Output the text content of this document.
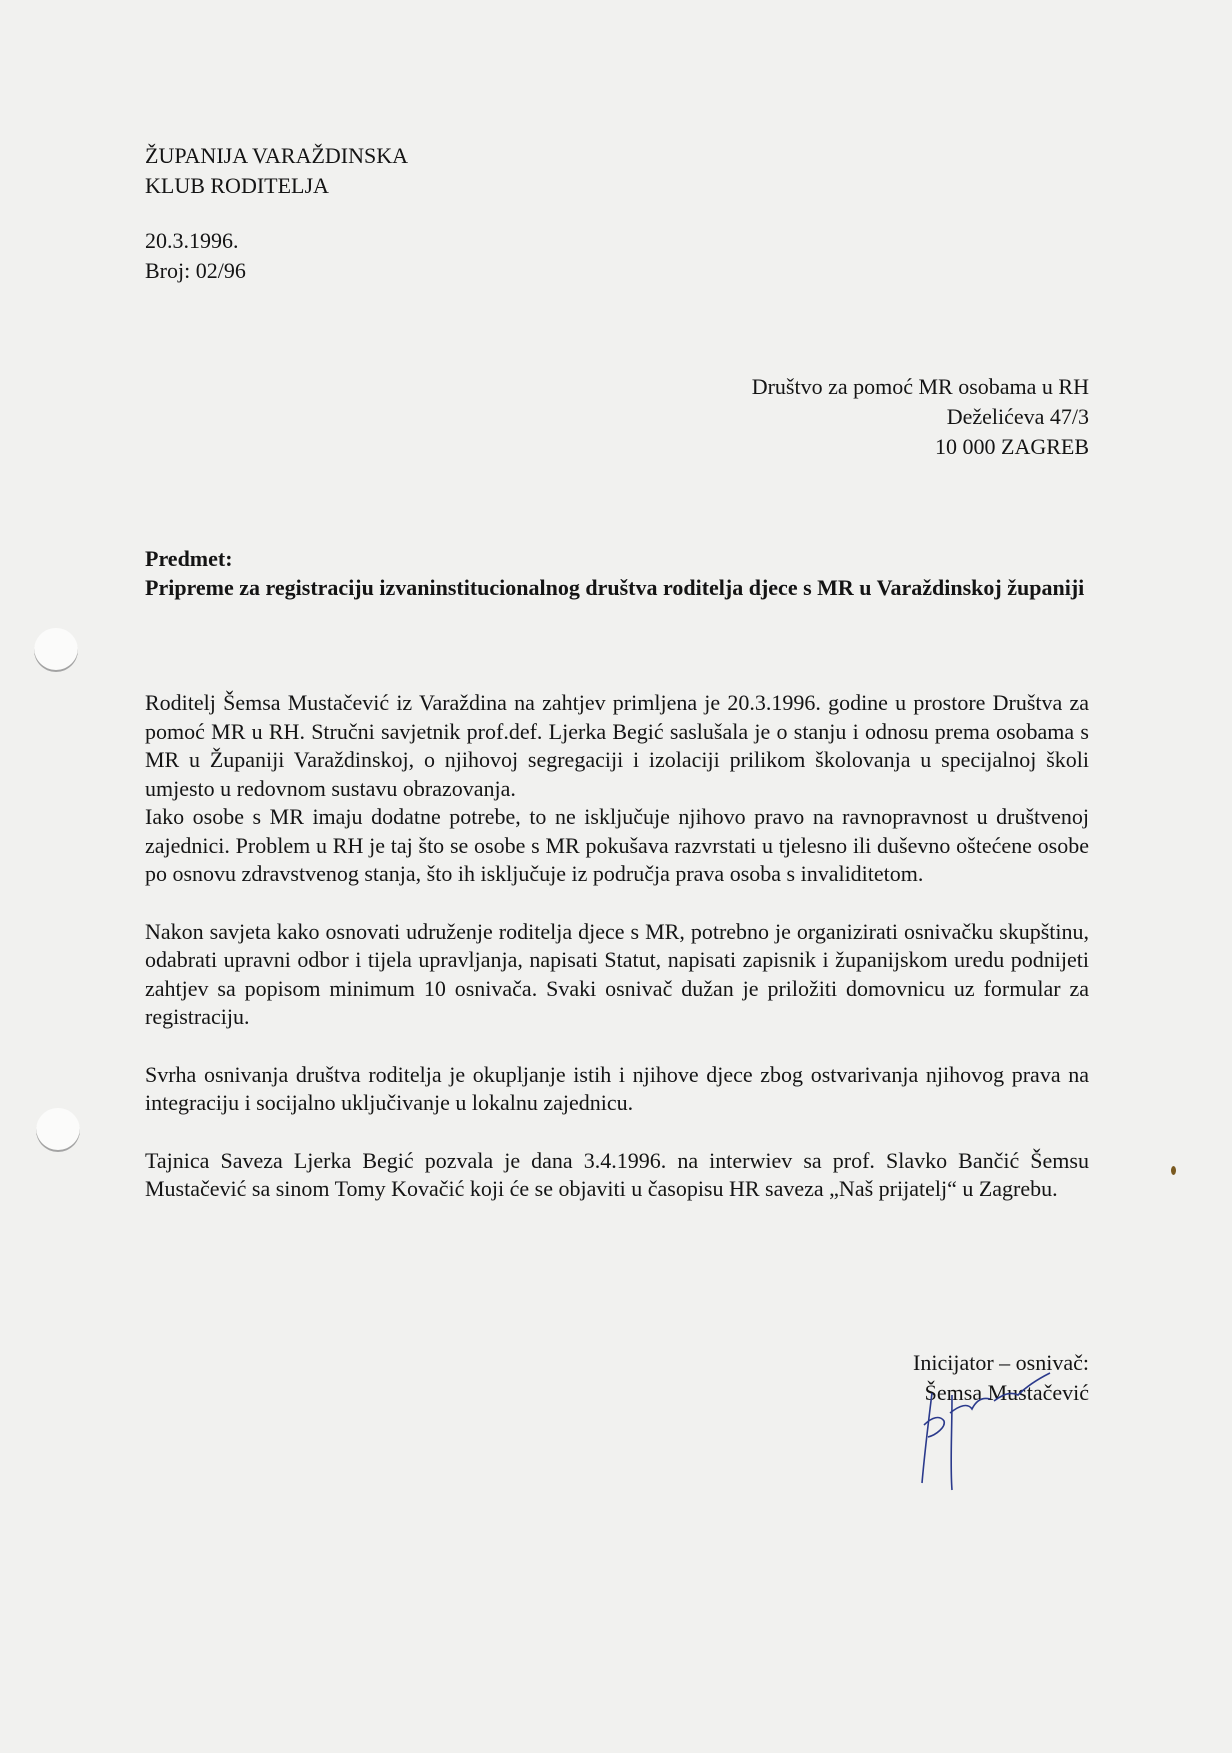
ŽUPANIJA VARAŽDINSKA
KLUB RODITELJA
20.3.1996.
Broj: 02/96
Društvo za pomoć MR osobama u RH
Deželićeva 47/3
10 000 ZAGREB
Predmet:
Pripreme za registraciju izvaninstitucionalnog društva roditelja djece s MR u Varaždinskoj županiji

Roditelj Šemsa Mustačević iz Varaždina na zahtjev primljena je 20.3.1996. godine u prostore Društva za pomoć MR u RH. Stručni savjetnik prof.def. Ljerka Begić saslušala je o stanju i odnosu prema osobama s MR u Županiji Varaždinskoj, o njihovoj segregaciji i izolaciji prilikom školovanja u specijalnoj školi umjesto u redovnom sustavu obrazovanja.

Iako osobe s MR imaju dodatne potrebe, to ne isključuje njihovo pravo na ravnopravnost u društvenoj zajednici. Problem u RH je taj što se osobe s MR pokušava razvrstati u tjelesno ili duševno oštećene osobe po osnovu zdravstvenog stanja, što ih isključuje iz područja prava osoba s invaliditetom.

Nakon savjeta kako osnovati udruženje roditelja djece s MR, potrebno je organizirati osnivačku skupštinu, odabrati upravni odbor i tijela upravljanja, napisati Statut, napisati zapisnik i županijskom uredu podnijeti zahtjev sa popisom minimum 10 osnivača. Svaki osnivač dužan je priložiti domovnicu uz formular za registraciju.

Svrha osnivanja društva roditelja je okupljanje istih i njihove djece zbog ostvarivanja njihovog prava na integraciju i socijalno uključivanje u lokalnu zajednicu.

Tajnica Saveza Ljerka Begić pozvala je dana 3.4.1996. na interwiev sa prof. Slavko Bančić Šemsu Mustačević sa sinom Tomy Kovačić koji će se objaviti u časopisu HR saveza „Naš prijatelj“ u Zagrebu.

Inicijator – osnivač:
Šemsa Mustačević
